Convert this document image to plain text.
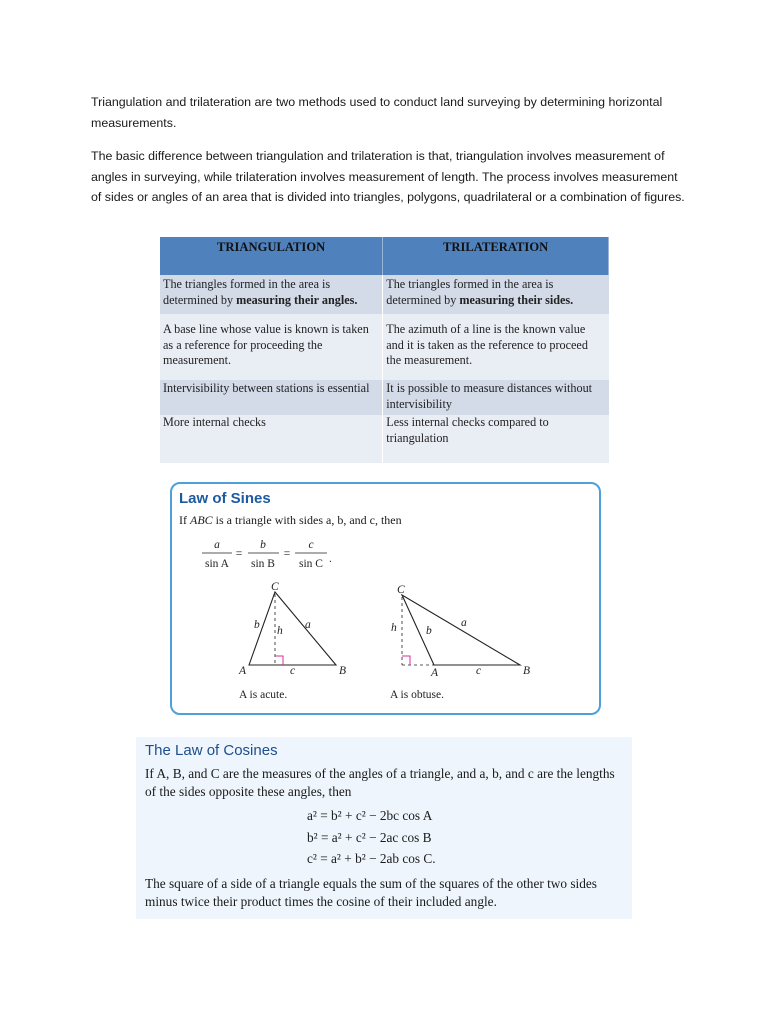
Triangulation and trilateration are two methods used to conduct land surveying by determining horizontal measurements.

The basic difference between triangulation and trilateration is that, triangulation involves measurement of angles in surveying, while trilateration involves measurement of length. The process involves measurement of sides or angles of an area that is divided into triangles, polygons, quadrilateral or a combination of figures.

TRIANGULATION	TRILATERATION
The triangles formed in the area is determined by measuring their angles.	The triangles formed in the area is determined by measuring their sides.
A base line whose value is known is taken as a reference for proceeding the measurement.	The azimuth of a line is the known value and it is taken as the reference to proceed the measurement.
Intervisibility between stations is essential	It is possible to measure distances without intervisibility
More internal checks	Less internal checks compared to triangulation
Law of Sines
If ABC is a triangle with sides a, b, and c, then
a
sin A
=
b
sin B
=
c
sin C .
C
A	B
b	a
h
c
A is acute.
C
A	B
b
a
h
c
A is obtuse.
The Law of Cosines
If A, B, and C are the measures of the angles of a triangle, and a, b, and c are the lengths of the sides opposite these angles, then
a² = b² + c² − 2bc cos A
b² = a² + c² − 2ac cos B
c² = a² + b² − 2ab cos C.
The square of a side of a triangle equals the sum of the squares of the other two sides minus twice their product times the cosine of their included angle.
